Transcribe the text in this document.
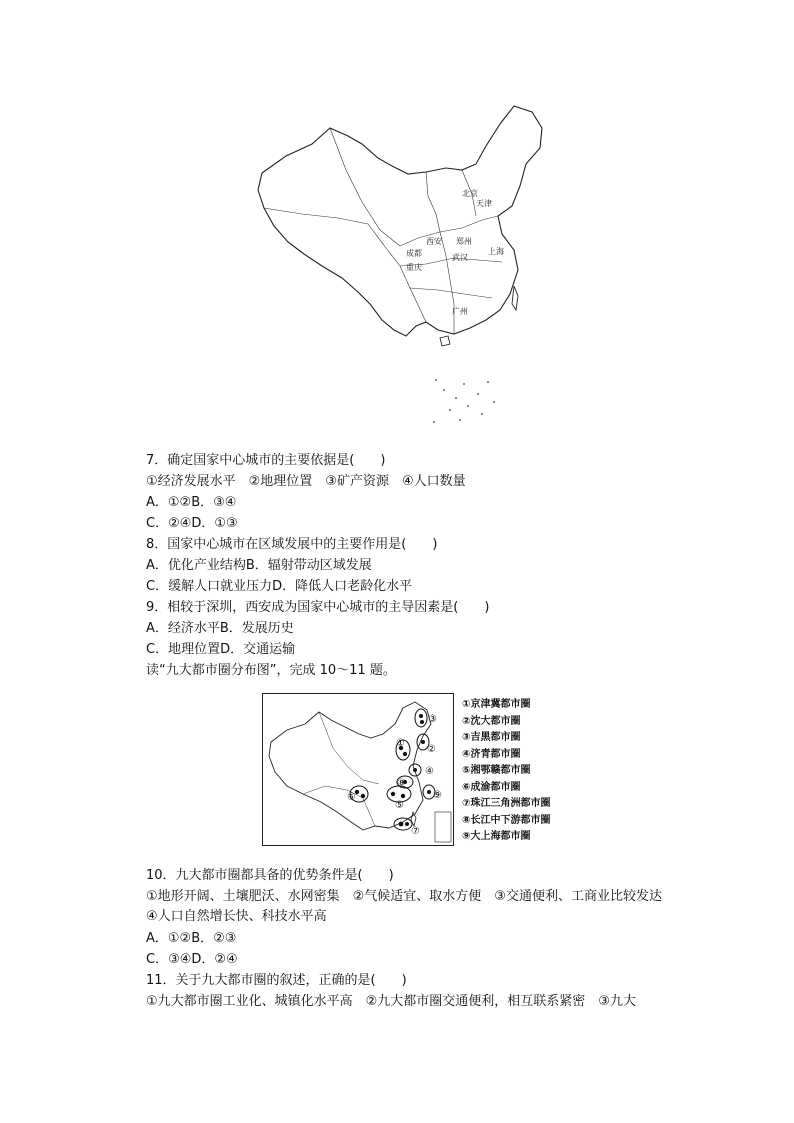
北京
天津
西安 郑州
成都
重庆
武汉
上海
广州
7．确定国家中心城市的主要依据是(　　)
①经济发展水平　②地理位置　③矿产资源　④人口数量
A．①②B．③④
C．②④D．①③
8．国家中心城市在区域发展中的主要作用是(　　)
A．优化产业结构B．辐射带动区域发展
C．缓解人口就业压力D．降低人口老龄化水平
9．相较于深圳，西安成为国家中心城市的主导因素是(　　)
A．经济水平B．发展历史
C．地理位置D．交通运输
读“九大都市圈分布图”，完成 10～11 题。
③
①
②
④
⑧
⑥
⑤
⑨
⑦
①京津冀都市圈
②沈大都市圈
③吉黑都市圈
④济青都市圈
⑤湘鄂赣都市圈
⑥成渝都市圈
⑦珠江三角洲都市圈
⑧长江中下游都市圈
⑨大上海都市圈
10．九大都市圈都具备的优势条件是(　　)
①地形开阔、土壤肥沃、水网密集　②气候适宜、取水方便　③交通便利、工商业比较发达　④人口自然增长快、科技水平高
A．①②B．②③
C．③④D．②④
11．关于九大都市圈的叙述，正确的是(　　)
①九大都市圈工业化、城镇化水平高　②九大都市圈交通便利，相互联系紧密　③九大
